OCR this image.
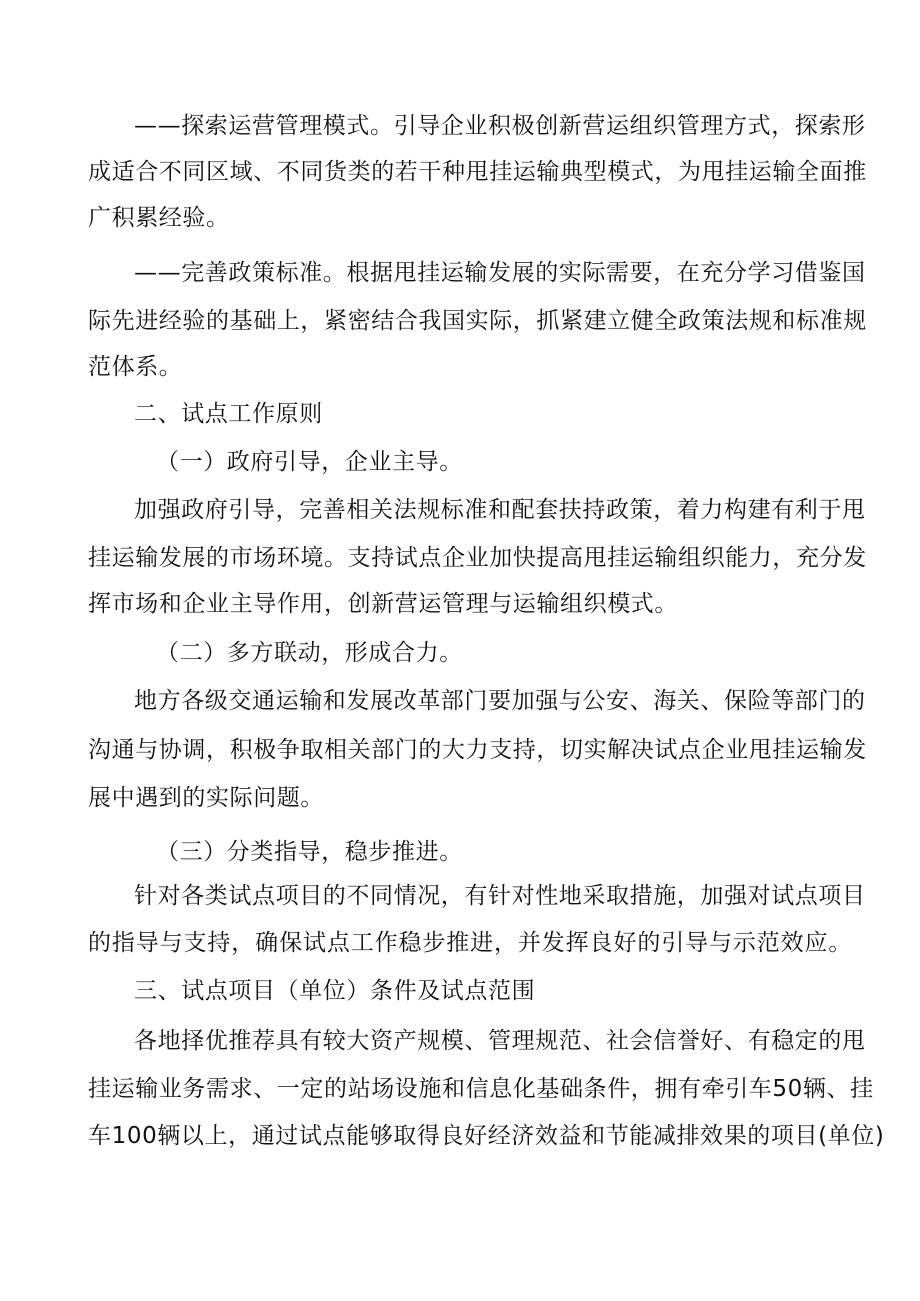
——探索运营管理模式。引导企业积极创新营运组织管理方式，探索形
成适合不同区域、不同货类的若干种甩挂运输典型模式，为甩挂运输全面推
广积累经验。
——完善政策标准。根据甩挂运输发展的实际需要，在充分学习借鉴国
际先进经验的基础上，紧密结合我国实际，抓紧建立健全政策法规和标准规
范体系。
二、试点工作原则
（一）政府引导，企业主导。
加强政府引导，完善相关法规标准和配套扶持政策，着力构建有利于甩
挂运输发展的市场环境。支持试点企业加快提高甩挂运输组织能力，充分发
挥市场和企业主导作用，创新营运管理与运输组织模式。
（二）多方联动，形成合力。
地方各级交通运输和发展改革部门要加强与公安、海关、保险等部门的
沟通与协调，积极争取相关部门的大力支持，切实解决试点企业甩挂运输发
展中遇到的实际问题。
（三）分类指导，稳步推进。
针对各类试点项目的不同情况，有针对性地采取措施，加强对试点项目
的指导与支持，确保试点工作稳步推进，并发挥良好的引导与示范效应。
三、试点项目（单位）条件及试点范围
各地择优推荐具有较大资产规模、管理规范、社会信誉好、有稳定的甩
挂运输业务需求、一定的站场设施和信息化基础条件，拥有牵引车50辆、挂
车100辆以上，通过试点能够取得良好经济效益和节能减排效果的项目(单位)
